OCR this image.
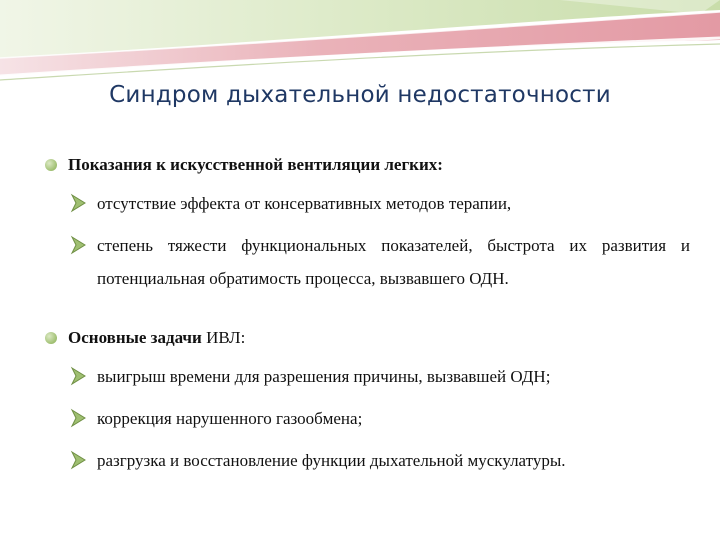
Синдром дыхательной недостаточности
Показания к искусственной вентиляции легких:
отсутствие эффекта от консервативных методов терапии,
степень тяжести функциональных показателей, быстрота их развития и потенциальная обратимость процесса, вызвавшего ОДН.
Основные задачи ИВЛ:
выигрыш времени для разрешения причины, вызвавшей ОДН;
коррекция нарушенного газообмена;
разгрузка и восстановление функции дыхательной мускулатуры.
